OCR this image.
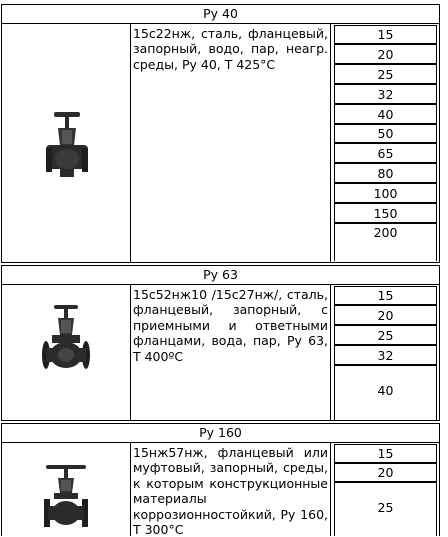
Ру 40
15с22нж, сталь, фланцевый, запорный, водо, пар, неагр. среды, Ру 40, Т 425°С
15
20
25
32
40
50
65
80
100
150
200
Ру 63
15с52нж10 /15с27нж/, сталь, фланцевый, запорный, с приемными и ответными фланцами, вода, пар, Ру 63, Т 400ºС
15
20
25
32
40
Ру 160
15нж57нж, фланцевый или муфтовый, запорный, среды, к которым конструкционные материалы коррозионностойкий, Ру 160, Т 300°С
15
20
25
